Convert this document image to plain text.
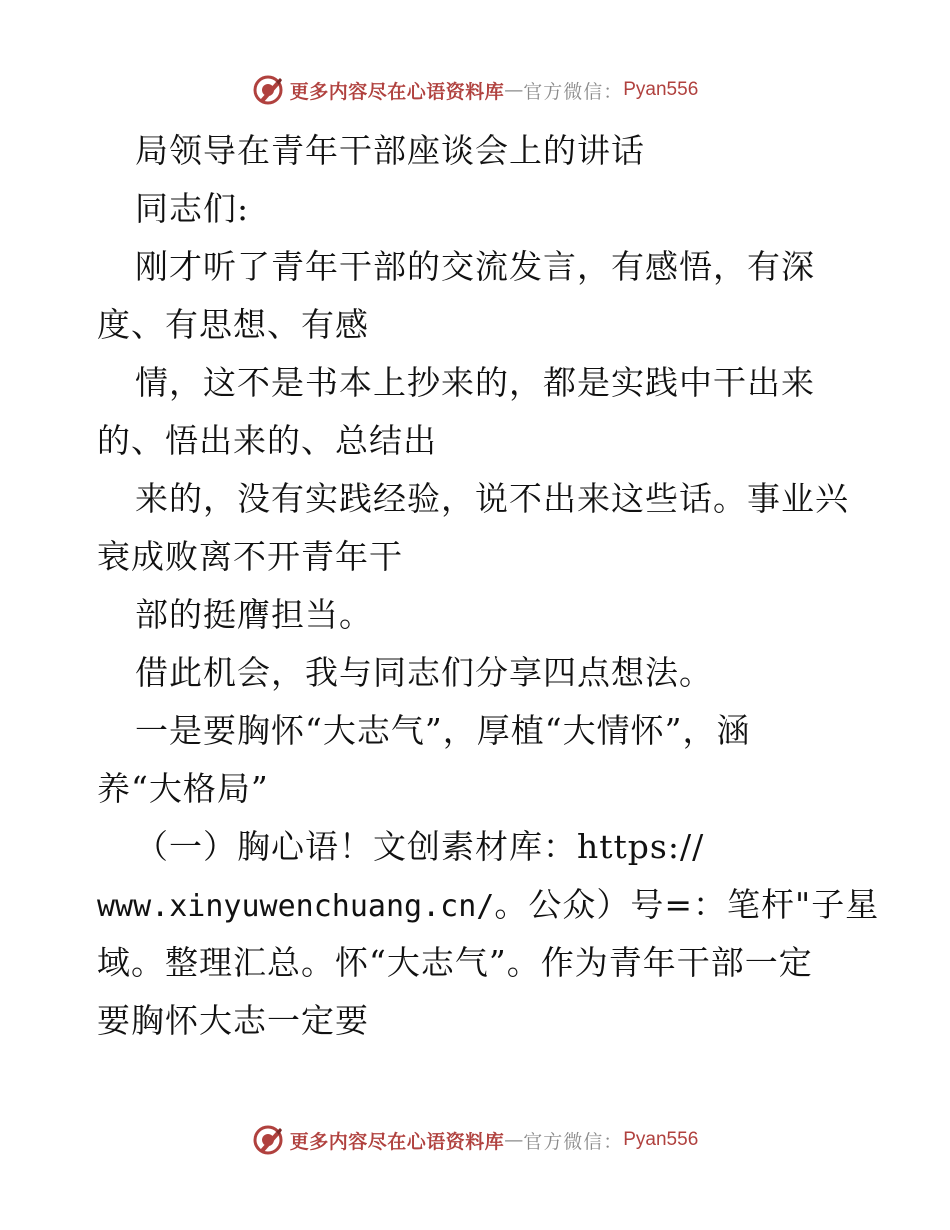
更多内容尽在心语资料库 — 官方微信： Pyan556
局领导在青年干部座谈会上的讲话
同志们:
刚才听了青年干部的交流发言，有感悟，有深
度、有思想、有感
情，这不是书本上抄来的，都是实践中干出来
的、悟出来的、总结出
来的，没有实践经验，说不出来这些话。事业兴
衰成败离不开青年干
部的挺膺担当。
借此机会，我与同志们分享四点想法。
一是要胸怀“大志气”，厚植“大情怀”，涵
养“大格局”
（一）胸心语！文创素材库：https://
www.xinyuwenchuang.cn/。公众）号=：笔杆"子星
域。整理汇总。怀“大志气”。作为青年干部一定
要胸怀大志一定要
更多内容尽在心语资料库 — 官方微信： Pyan556
